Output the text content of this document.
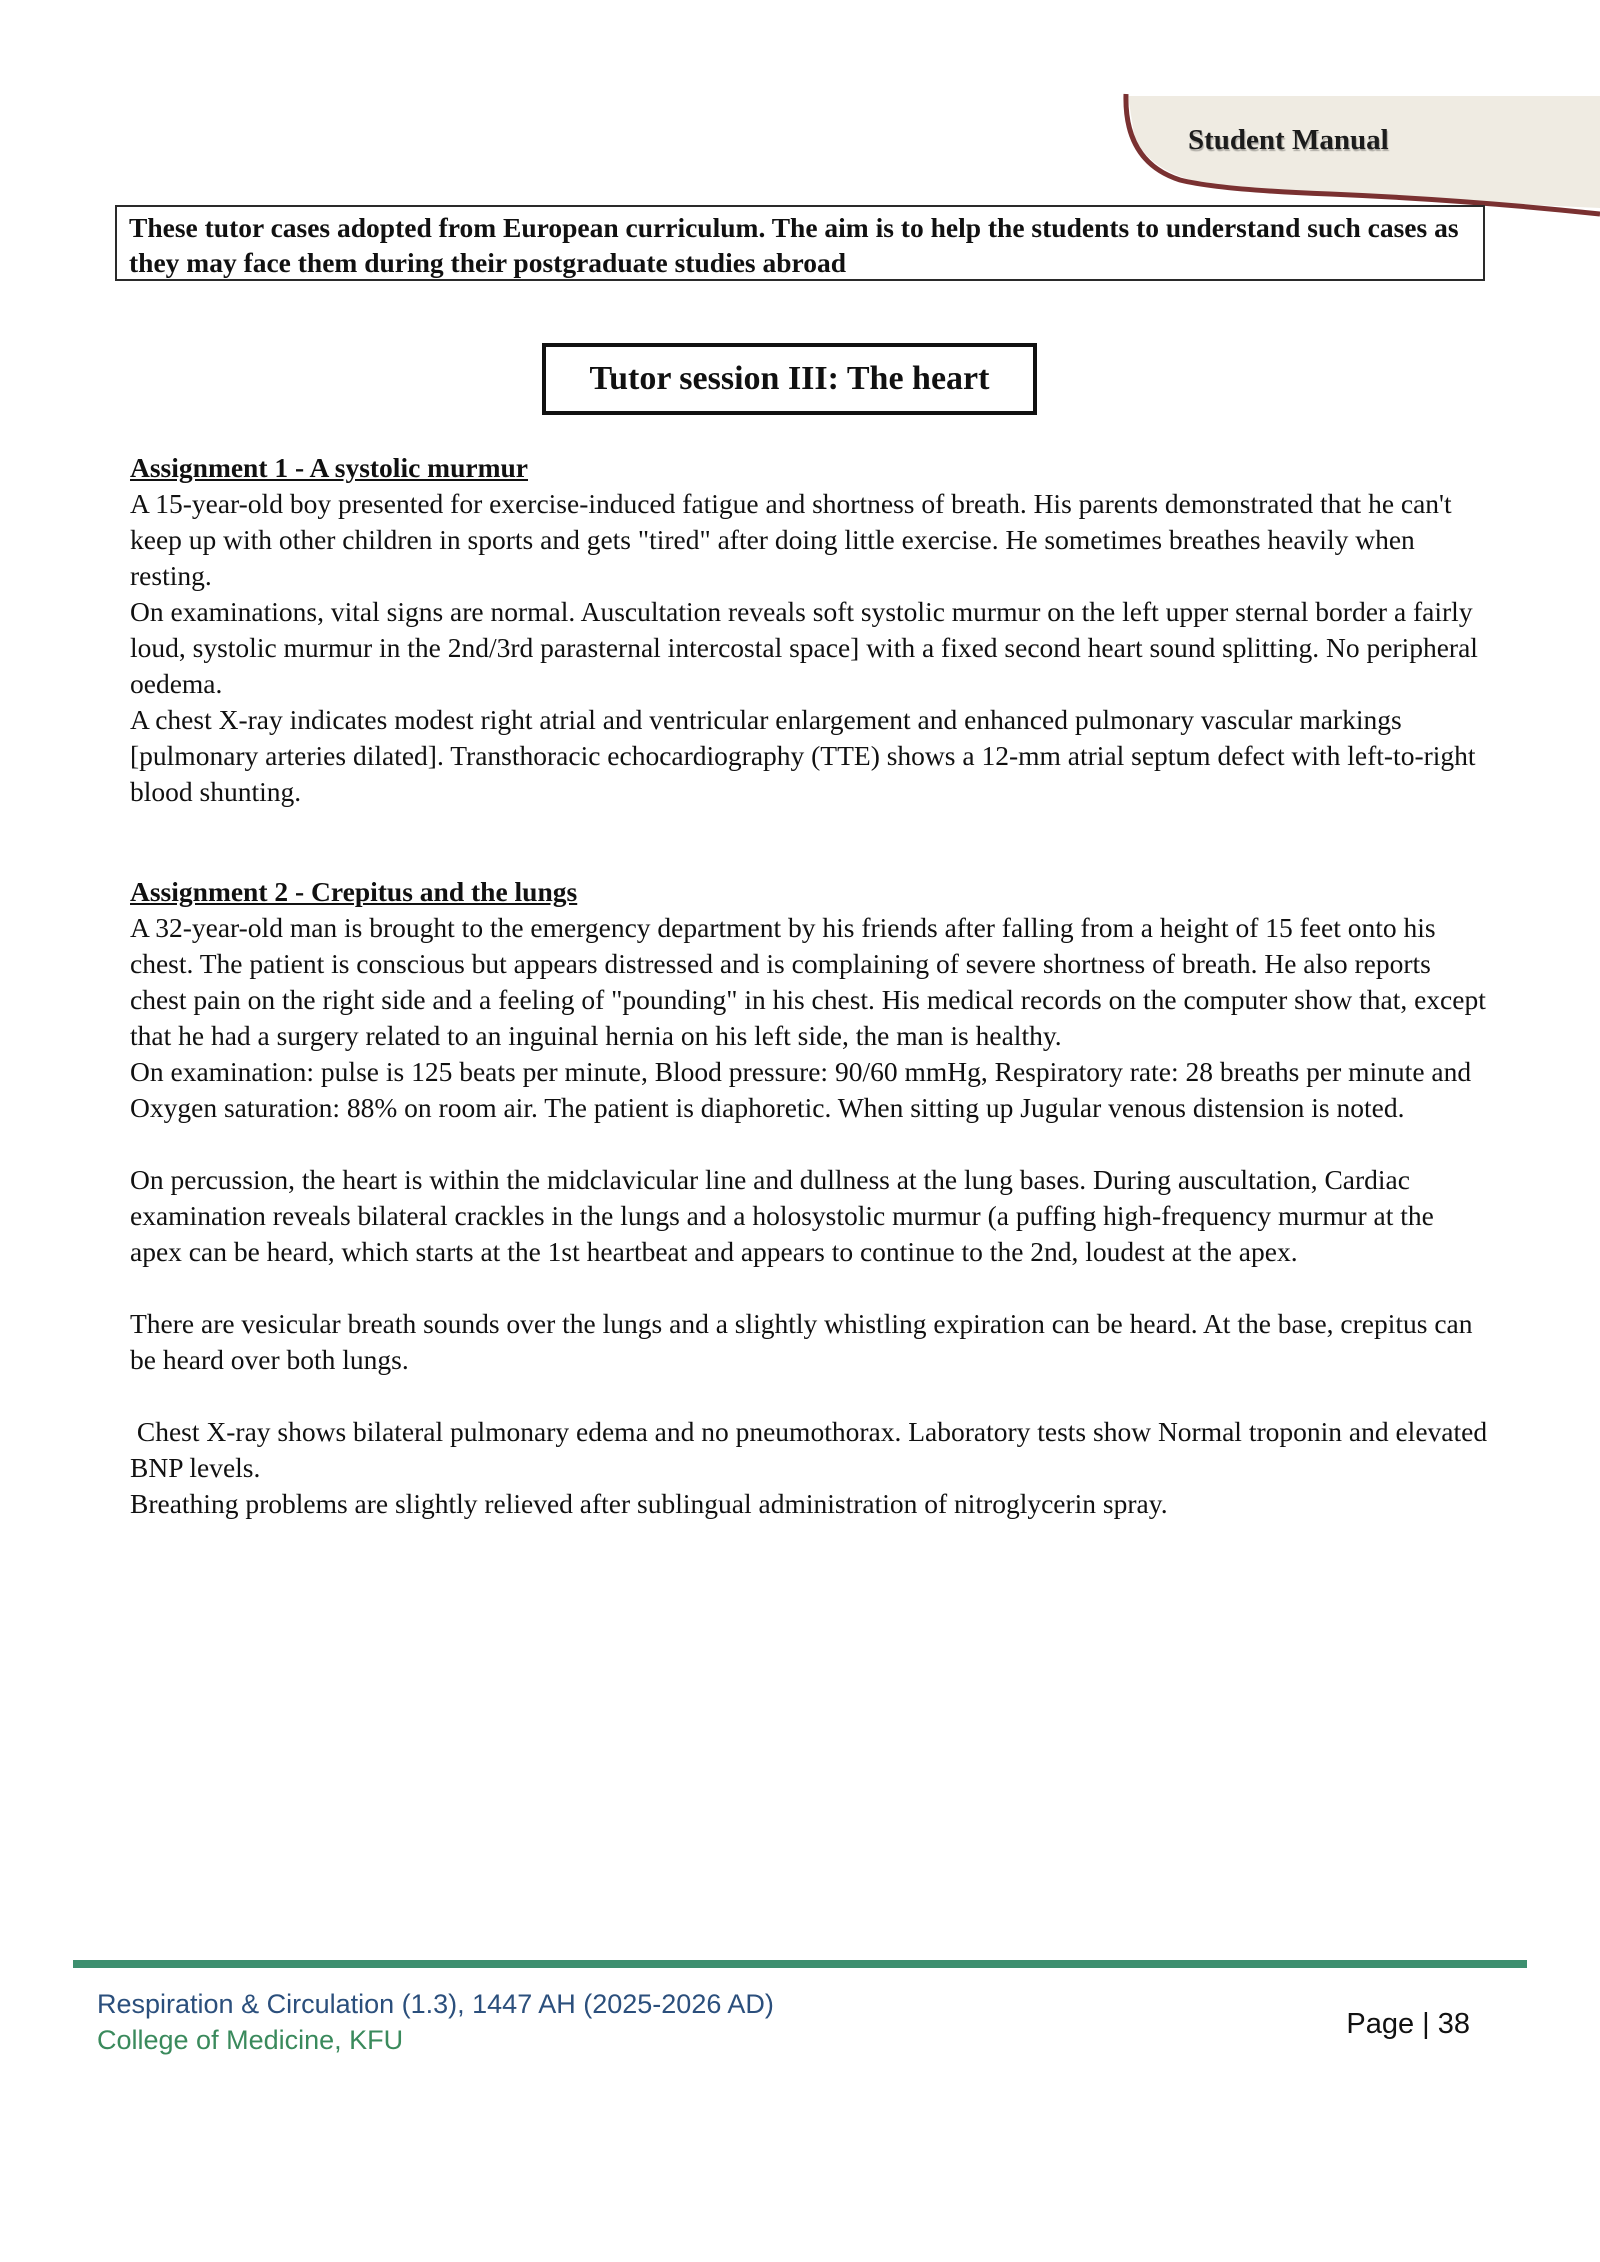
Student Manual
These tutor cases adopted from European curriculum. The aim is to help the students to understand such cases as they may face them during their postgraduate studies abroad
Tutor session III: The heart

Assignment 1 - A systolic murmur

A 15-year-old boy presented for exercise-induced fatigue and shortness of breath. His parents demonstrated that he can't keep up with other children in sports and gets "tired" after doing little exercise. He sometimes breathes heavily when resting.

On examinations, vital signs are normal. Auscultation reveals soft systolic murmur on the left upper sternal border a fairly loud, systolic murmur in the 2nd/3rd parasternal intercostal space] with a fixed second heart sound splitting. No peripheral oedema.

A chest X-ray indicates modest right atrial and ventricular enlargement and enhanced pulmonary vascular markings [pulmonary arteries dilated]. Transthoracic echocardiography (TTE) shows a 12-mm atrial septum defect with left-to-right blood shunting.

Assignment 2 - Crepitus and the lungs

A 32-year-old man is brought to the emergency department by his friends after falling from a height of 15 feet onto his chest. The patient is conscious but appears distressed and is complaining of severe shortness of breath. He also reports chest pain on the right side and a feeling of "pounding" in his chest. His medical records on the computer show that, except that he had a surgery related to an inguinal hernia on his left side, the man is healthy.

On examination: pulse is 125 beats per minute, Blood pressure: 90/60 mmHg, Respiratory rate: 28 breaths per minute and Oxygen saturation: 88% on room air. The patient is diaphoretic. When sitting up Jugular venous distension is noted.

On percussion, the heart is within the midclavicular line and dullness at the lung bases. During auscultation, Cardiac examination reveals bilateral crackles in the lungs and a holosystolic murmur (a puffing high-frequency murmur at the apex can be heard, which starts at the 1st heartbeat and appears to continue to the 2nd, loudest at the apex.

There are vesicular breath sounds over the lungs and a slightly whistling expiration can be heard. At the base, crepitus can be heard over both lungs.

Chest X-ray shows bilateral pulmonary edema and no pneumothorax. Laboratory tests show Normal troponin and elevated BNP levels.

Breathing problems are slightly relieved after sublingual administration of nitroglycerin spray.

Respiration & Circulation (1.3), 1447 AH (2025-2026 AD)
College of Medicine, KFU	Page | 38
